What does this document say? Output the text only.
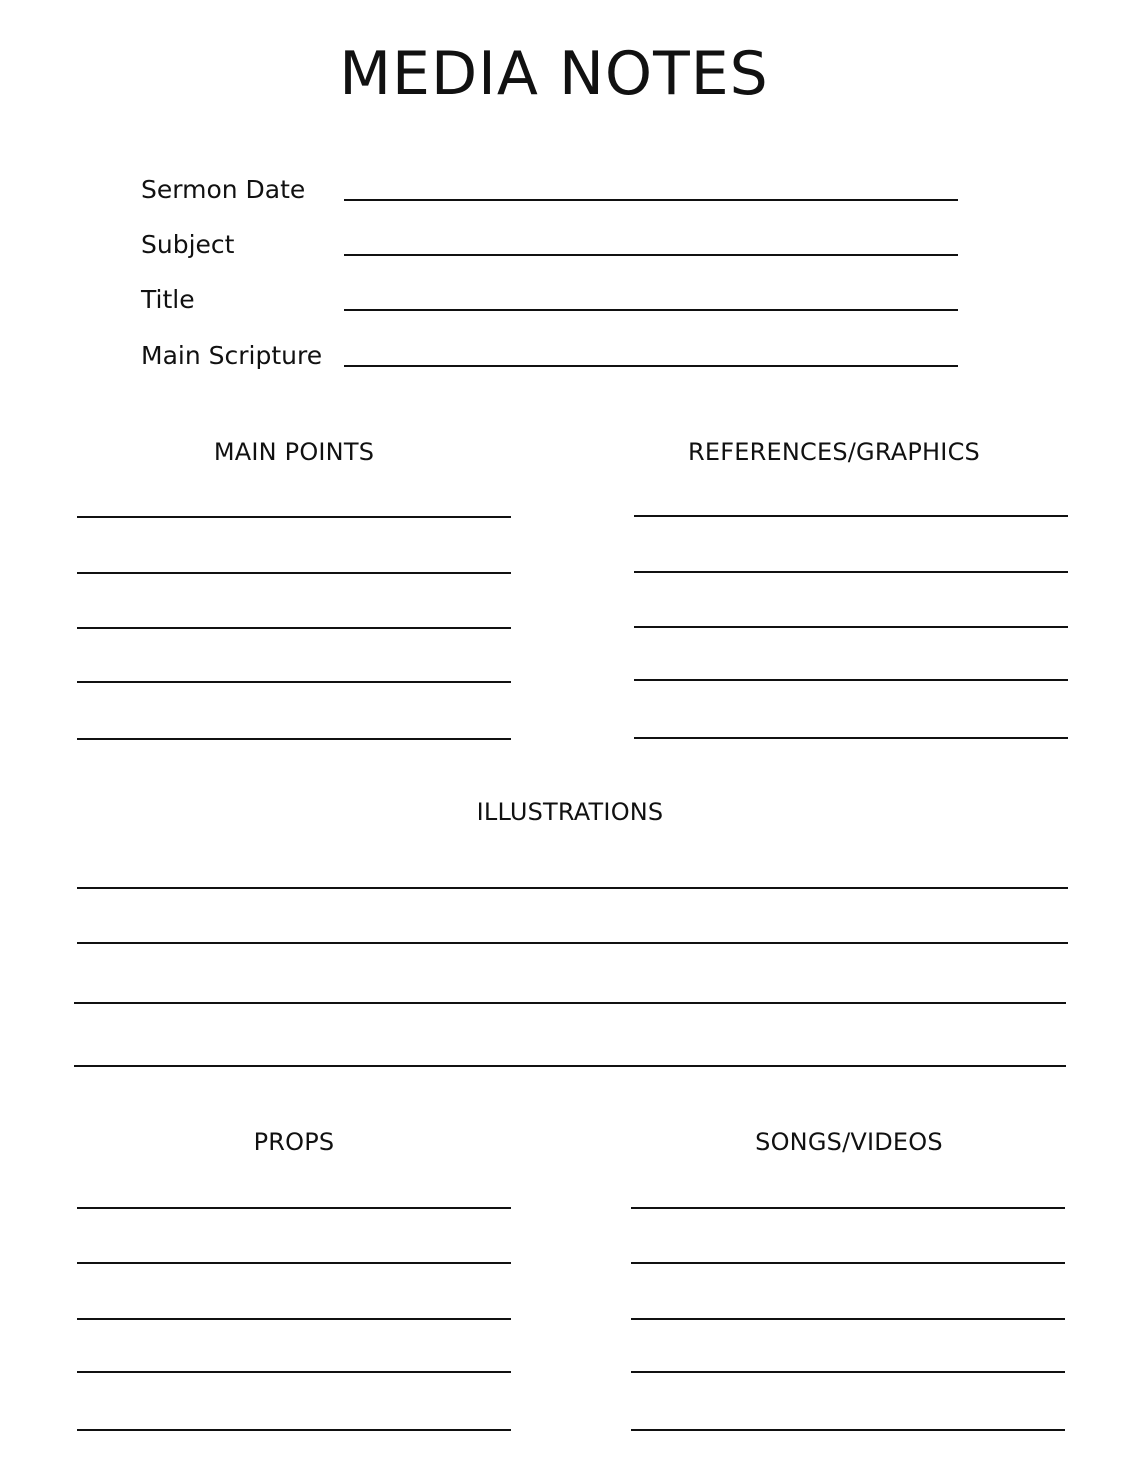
MEDIA NOTES
Sermon Date
Subject
Title
Main Scripture
MAIN POINTS	REFERENCES/GRAPHICS
ILLUSTRATIONS
PROPS	SONGS/VIDEOS
